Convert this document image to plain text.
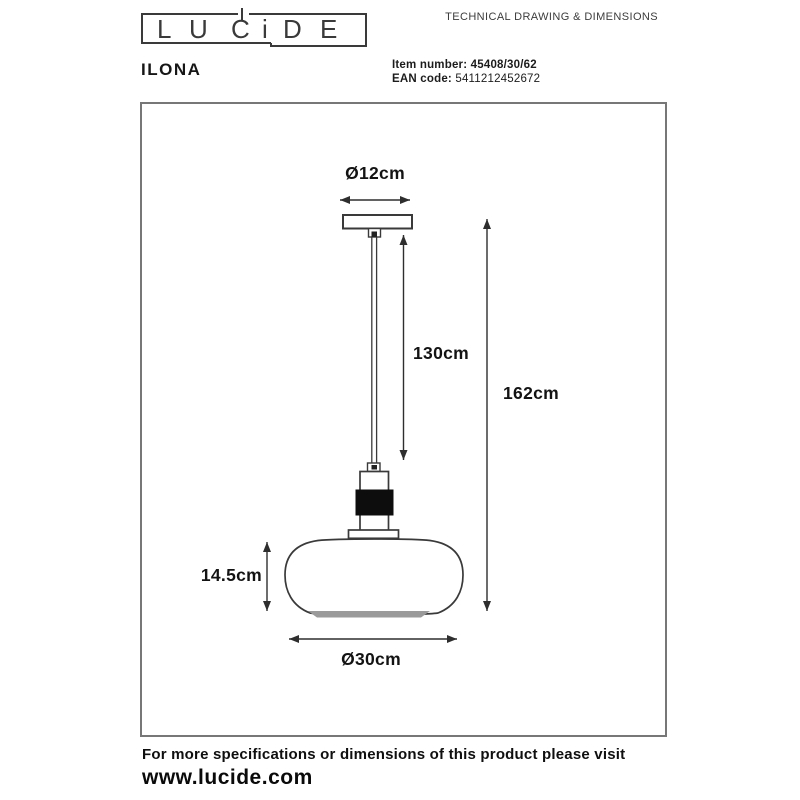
L U C i D E
ILONA
TECHNICAL DRAWING & DIMENSIONS
Item number: 45408/30/62
EAN code: 5411212452672
Ø12cm
130cm
162cm
14.5cm
Ø30cm
For more specifications or dimensions of this product please visit
www.lucide.com
